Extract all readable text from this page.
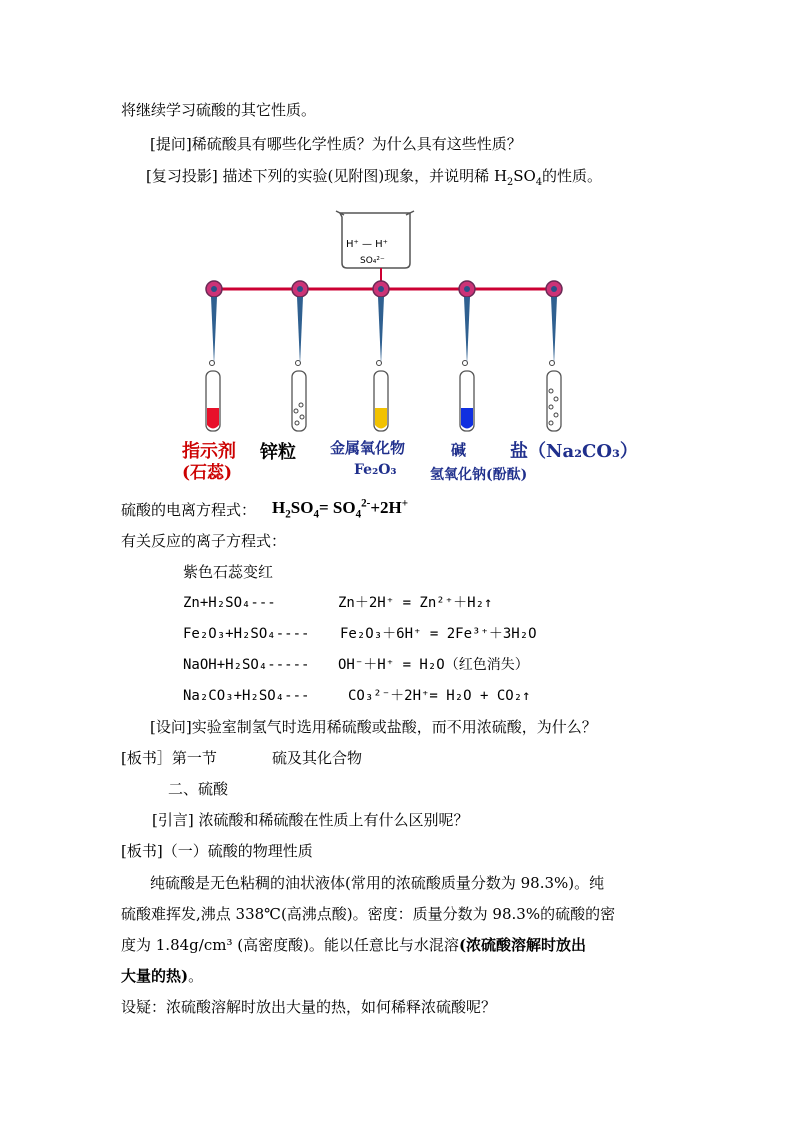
将继续学习硫酸的其它性质。
[提问]稀硫酸具有哪些化学性质？为什么具有这些性质？
[复习投影] 描述下列的实验(见附图)现象，并说明稀 $H_2SO_4$的性质。
H⁺ — H⁺
SO₄²⁻
指示剂
(石蕊)
锌粒 金属氧化物
Fe₂O₃
碱
氢氧化钠(酚酞)
盐（Na₂CO₃）
硫酸的电离方程式： $H_2SO_4= SO_4^{2-}+2H^+$
有关反应的离子方程式：
紫色石蕊变红
Zn+H₂SO₄---	Zn＋2H⁺ = Zn²⁺＋H₂↑
Fe₂O₃+H₂SO₄---- Fe₂O₃＋6H⁺ = 2Fe³⁺＋3H₂O
NaOH+H₂SO₄----- OH⁻＋H⁺ = H₂O（红色消失）
Na₂CO₃+H₂SO₄---	CO₃²⁻＋2H⁺= H₂O + CO₂↑
[设问]实验室制氢气时选用稀硫酸或盐酸，而不用浓硫酸，为什么？
[板书］第一节	硫及其化合物
二、硫酸
[引言] 浓硫酸和稀硫酸在性质上有什么区别呢？
[板书]（一）硫酸的物理性质
纯硫酸是无色粘稠的油状液体(常用的浓硫酸质量分数为 98.3%)。纯
硫酸难挥发,沸点 338℃(高沸点酸)。密度：质量分数为 98.3%的硫酸的密
度为 1.84g/cm³ (高密度酸)。能以任意比与水混溶(浓硫酸溶解时放出
大量的热)。
设疑：浓硫酸溶解时放出大量的热，如何稀释浓硫酸呢？
